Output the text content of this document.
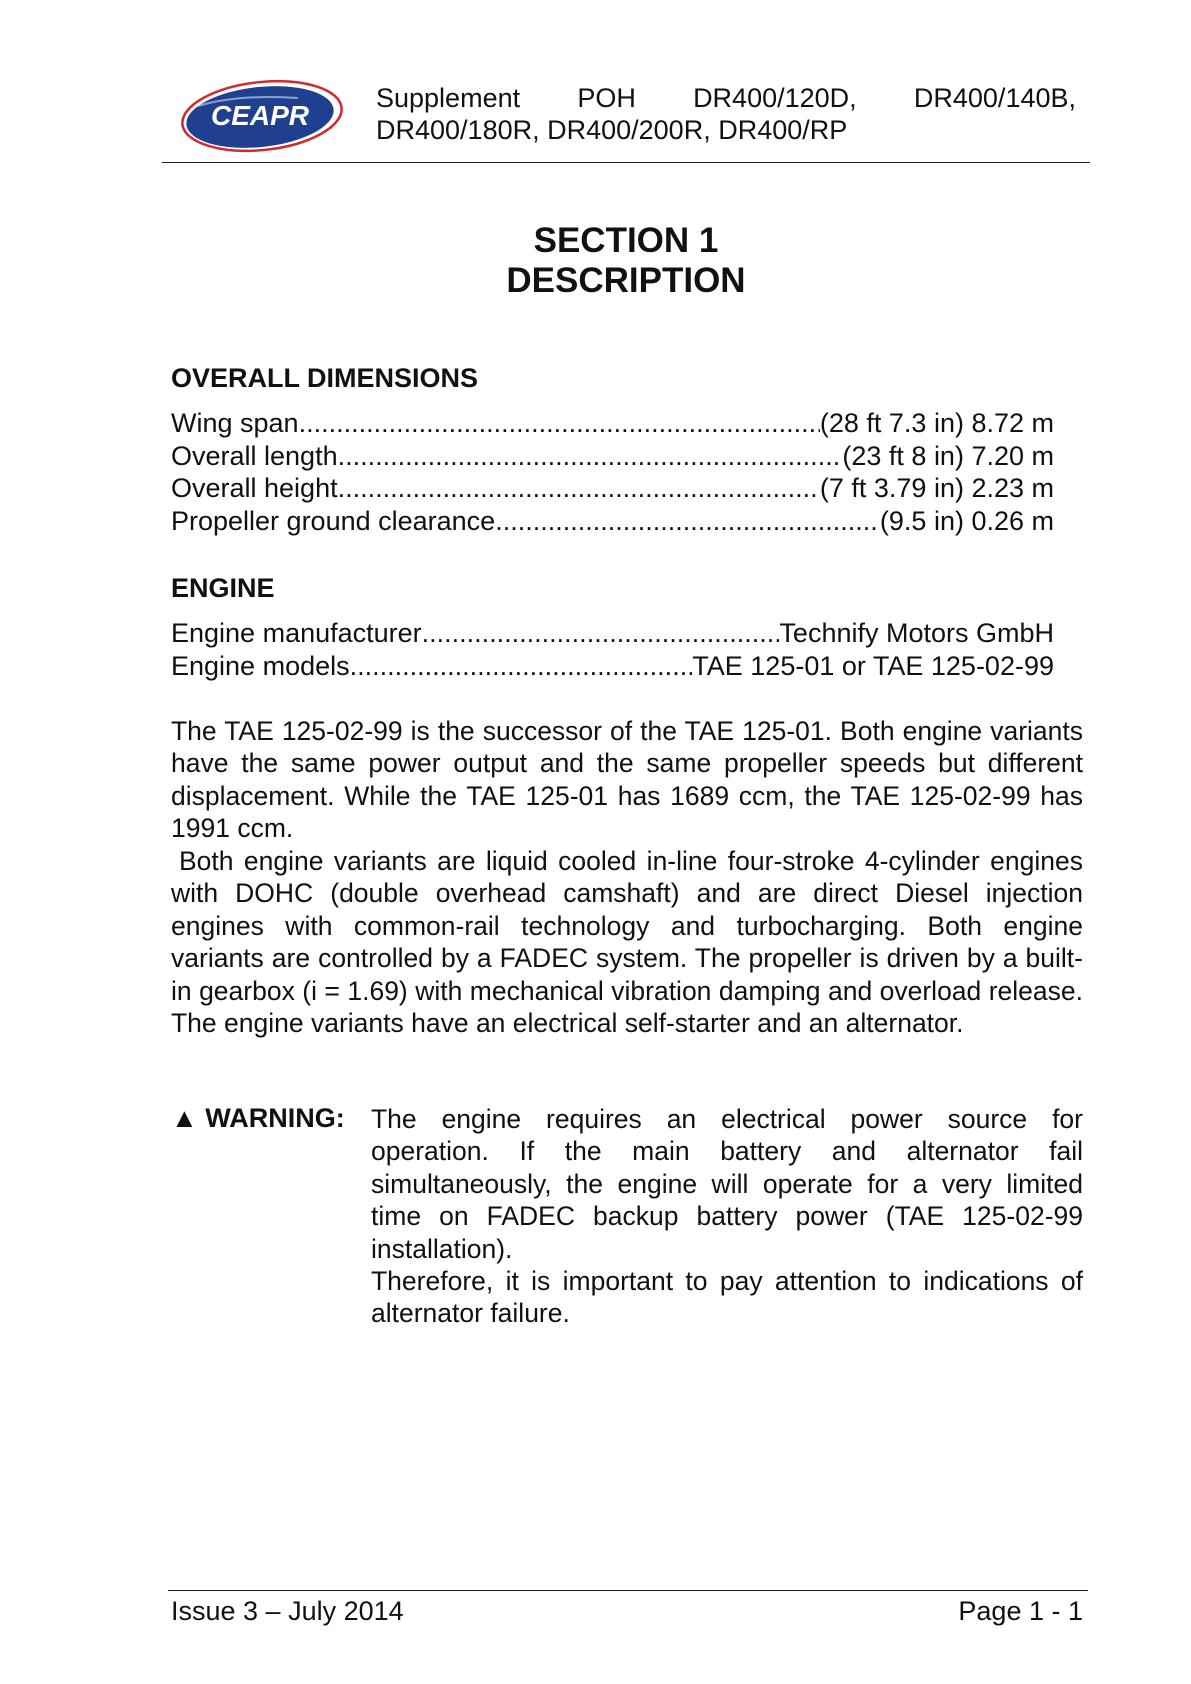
CEAPR
Supplement POH DR400/120D, DR400/140B,
DR400/180R, DR400/200R, DR400/RP
SECTION 1
DESCRIPTION
OVERALL DIMENSIONS
Wing span .....	(28 ft 7.3 in) 8.72 m
Overall length .....	(23 ft 8 in) 7.20 m
Overall height .....	(7 ft 3.79 in) 2.23 m
Propeller ground clearance .....	(9.5 in) 0.26 m
ENGINE
Engine manufacturer .....	Technify Motors GmbH
Engine models .....	TAE 125-01 or TAE 125-02-99
The TAE 125-02-99 is the successor of the TAE 125-01. Both engine variants have the same power output and the same propeller speeds but different displacement. While the TAE 125-01 has 1689 ccm, the TAE 125-02-99 has 1991 ccm.
Both engine variants are liquid cooled in-line four-stroke 4-cylinder engines with DOHC (double overhead camshaft) and are direct Diesel injection engines with common-rail technology and turbocharging. Both engine variants are controlled by a FADEC system. The propeller is driven by a built-in gearbox (i = 1.69) with mechanical vibration damping and overload release. The engine variants have an electrical self-starter and an alternator.
▲ WARNING: The engine requires an electrical power source for operation. If the main battery and alternator fail simultaneously, the engine will operate for a very limited time on FADEC backup battery power (TAE 125-02-99 installation).
Therefore, it is important to pay attention to indications of alternator failure.
Issue 3 – July 2014	Page 1 - 1
